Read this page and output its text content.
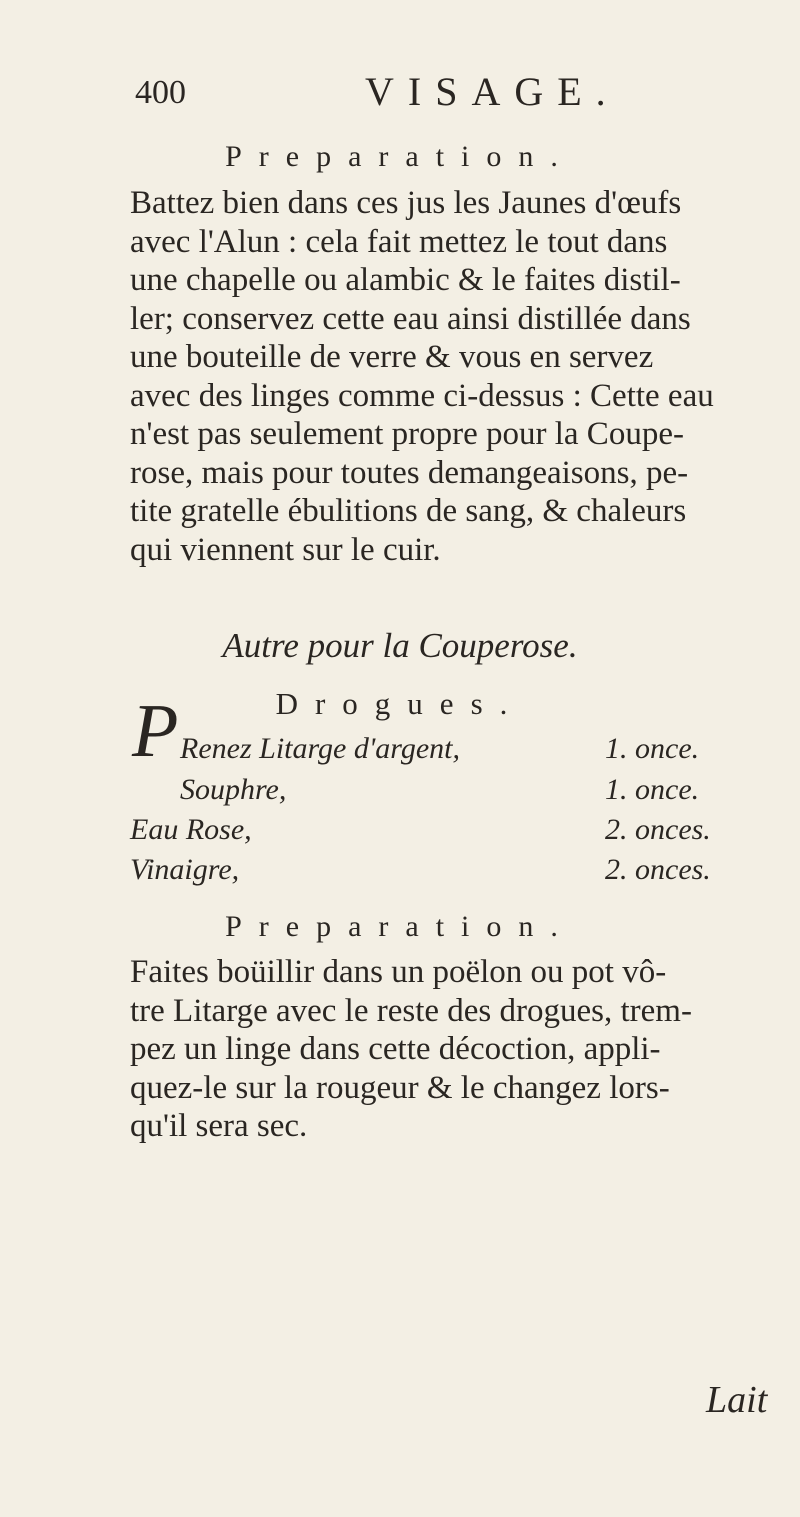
400	VISAGE.
Preparation.
Battez bien dans ces jus les Jaunes d'œufs
avec l'Alun : cela fait mettez le tout dans
une chapelle ou alambic & le faites distil-
ler; conservez cette eau ainsi distillée dans
une bouteille de verre & vous en servez
avec des linges comme ci-dessus : Cette eau
n'est pas seulement propre pour la Coupe-
rose, mais pour toutes demangeaisons, pe-
tite gratelle ébulitions de sang, & chaleurs
qui viennent sur le cuir.
Autre pour la Couperose.
Drogues.
P Renez Litarge d'argent,	1. once.
Souphre,	1. once.
Eau Rose,	2. onces.
Vinaigre,	2. onces.
Preparation.
Faites boüillir dans un poëlon ou pot vô-
tre Litarge avec le reste des drogues, trem-
pez un linge dans cette décoction, appli-
quez-le sur la rougeur & le changez lors-
qu'il sera sec.
Lait
